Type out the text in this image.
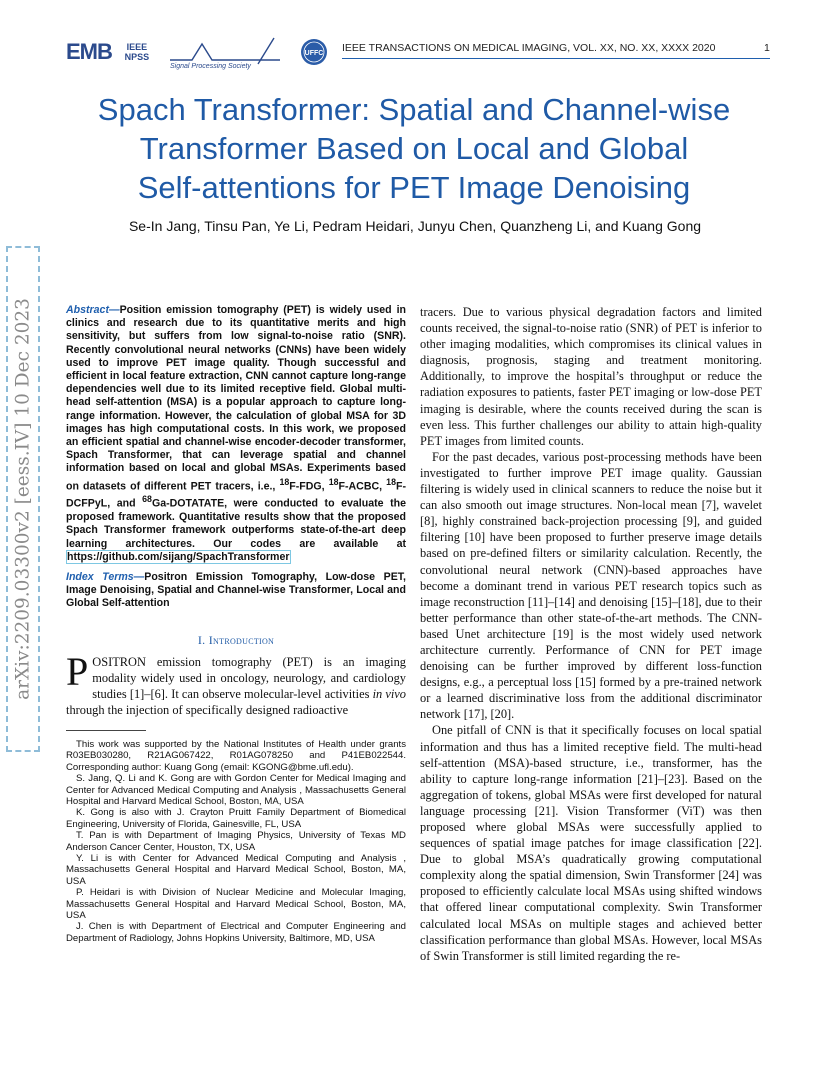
EMB	IEEE NPSS
Signal Processing Society
UFFC IEEE TRANSACTIONS ON MEDICAL IMAGING, VOL. XX, NO. XX, XXXX 2020	1
Spach Transformer: Spatial and Channel-wise
Transformer Based on Local and Global
Self-attentions for PET Image Denoising
Se-In Jang, Tinsu Pan, Ye Li, Pedram Heidari, Junyu Chen, Quanzheng Li, and Kuang Gong
arXiv:2209.03300v2 [eess.IV] 10 Dec 2023	Abstract—Position emission tomography (PET) is widely used in clinics and research due to its quantitative merits and high sensitivity, but suffers from low signal-to-noise ratio (SNR). Recently convolutional neural networks (CNNs) have been widely used to improve PET image quality. Though successful and efficient in local feature extraction, CNN cannot capture long-range dependencies well due to its limited receptive field. Global multi-head self-attention (MSA) is a popular approach to capture long-range information. However, the calculation of global MSA for 3D images has high computational costs. In this work, we proposed an efficient spatial and channel-wise encoder-decoder transformer, Spach Transformer, that can leverage spatial and channel information based on local and global MSAs. Experiments based on datasets of different PET tracers, i.e., $^{18}$F-FDG, $^{18}$F-ACBC, $^{18}$F-DCFPyL, and $^{68}$Ga-DOTATATE, were conducted to evaluate the proposed framework. Quantitative results show that the proposed Spach Transformer framework outperforms state-of-the-art deep learning architectures. Our codes are available at https://github.com/sijang/SpachTransformer

Index Terms—Positron Emission Tomography, Low-dose PET, Image Denoising, Spatial and Channel-wise Transformer, Local and Global Self-attention

I. Introduction

POSITRON emission tomography (PET) is an imaging modality widely used in oncology, neurology, and cardiology studies [1]–[6]. It can observe molecular-level activities in vivo through the injection of specifically designed radioactive

This work was supported by the National Institutes of Health under grants R03EB030280, R21AG067422, R01AG078250 and P41EB022544. Corresponding author: Kuang Gong (email: KGONG@bme.ufl.edu).

S. Jang, Q. Li and K. Gong are with Gordon Center for Medical Imaging and Center for Advanced Medical Computing and Analysis , Massachusetts General Hospital and Harvard Medical School, Boston, MA, USA

K. Gong is also with J. Crayton Pruitt Family Department of Biomedical Engineering, University of Florida, Gainesville, FL, USA

T. Pan is with Department of Imaging Physics, University of Texas MD Anderson Cancer Center, Houston, TX, USA

Y. Li is with Center for Advanced Medical Computing and Analysis , Massachusetts General Hospital and Harvard Medical School, Boston, MA, USA

P. Heidari is with Division of Nuclear Medicine and Molecular Imaging, Massachusetts General Hospital and Harvard Medical School, Boston, MA, USA

J. Chen is with Department of Electrical and Computer Engineering and Department of Radiology, Johns Hopkins University, Baltimore, MD, USA

tracers. Due to various physical degradation factors and limited counts received, the signal-to-noise ratio (SNR) of PET is inferior to other imaging modalities, which compromises its clinical values in diagnosis, prognosis, staging and treatment monitoring. Additionally, to improve the hospital’s throughput or reduce the radiation exposures to patients, faster PET imaging or low-dose PET imaging is desirable, where the counts received during the scan is even less. This further challenges our ability to attain high-quality PET images from limited counts.

For the past decades, various post-processing methods have been investigated to further improve PET image quality. Gaussian filtering is widely used in clinical scanners to reduce the noise but it can also smooth out image structures. Non-local mean [7], wavelet [8], highly constrained back-projection processing [9], and guided filtering [10] have been proposed to further preserve image details based on pre-defined filters or similarity calculation. Recently, the convolutional neural network (CNN)-based approaches have become a dominant trend in various PET research topics such as image reconstruction [11]–[14] and denoising [15]–[18], due to their better performance than other state-of-the-art methods. The CNN-based Unet architecture [19] is the most widely used network architecture currently. Performance of CNN for PET image denoising can be further improved by different loss-function designs, e.g., a perceptual loss [15] formed by a pre-trained network or a learned discriminative loss from the additional discriminator network [17], [20].

One pitfall of CNN is that it specifically focuses on local spatial information and thus has a limited receptive field. The multi-head self-attention (MSA)-based structure, i.e., transformer, has the ability to capture long-range information [21]–[23]. Based on the aggregation of tokens, global MSAs were first developed for natural language processing [21]. Vision Transformer (ViT) was then proposed where global MSAs were successfully applied to sequences of spatial image patches for image classification [22]. Due to global MSA’s quadratically growing computational complexity along the spatial dimension, Swin Transformer [24] was proposed to efficiently calculate local MSAs using shifted windows that offered linear computational complexity. Swin Transformer calculated local MSAs on multiple stages and achieved better classification performance than global MSAs. However, local MSAs of Swin Transformer is still limited regarding the re-
